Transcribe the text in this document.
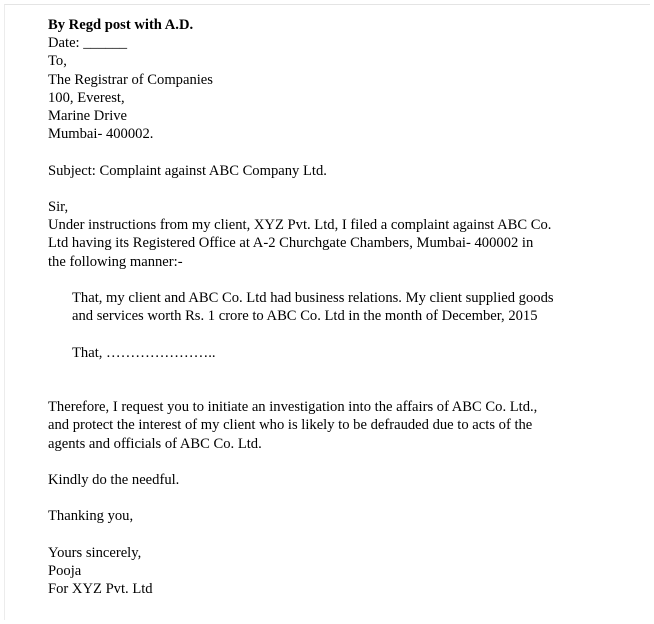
By Regd post with A.D.
Date: ______
To,
The Registrar of Companies
100, Everest,
Marine Drive
Mumbai- 400002.
Subject: Complaint against ABC Company Ltd.
Sir,
Under instructions from my client, XYZ Pvt. Ltd, I filed a complaint against ABC Co.
Ltd having its Registered Office at A-2 Churchgate Chambers, Mumbai- 400002 in
the following manner:-
That, my client and ABC Co. Ltd had business relations. My client supplied goods
and services worth Rs. 1 crore to ABC Co. Ltd in the month of December, 2015
That, …………………..
Therefore, I request you to initiate an investigation into the affairs of ABC Co. Ltd.,
and protect the interest of my client who is likely to be defrauded due to acts of the
agents and officials of ABC Co. Ltd.
Kindly do the needful.
Thanking you,
Yours sincerely,
Pooja
For XYZ Pvt. Ltd
